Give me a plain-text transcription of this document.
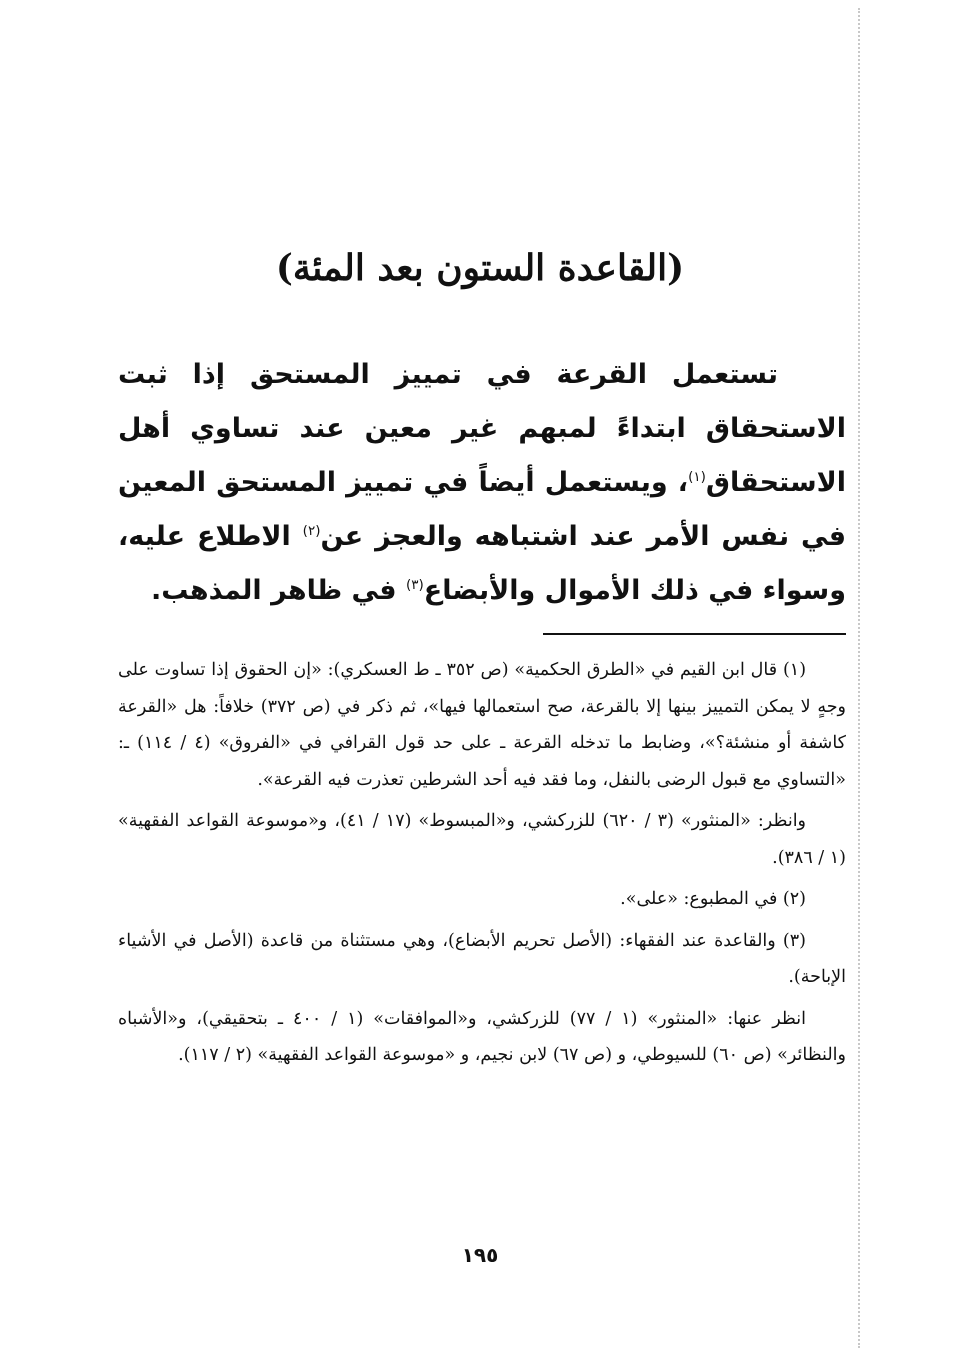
(القاعدة الستون بعد المئة)
تستعمل القرعة في تمييز المستحق إذا ثبت الاستحقاق ابتداءً لمبهم غير معين عند تساوي أهل الاستحقاق$^{(١)}$، ويستعمل أيضاً في تمييز المستحق المعين في نفس الأمر عند اشتباهه والعجز عن$^{(٢)}$ الاطلاع عليه، وسواء في ذلك الأموال والأبضاع$^{(٣)}$ في ظاهر المذهب.

(١) قال ابن القيم في «الطرق الحكمية» (ص ٣٥٢ ـ ط العسكري): «إن الحقوق إذا تساوت على وجهٍ لا يمكن التمييز بينها إلا بالقرعة، صح استعمالها فيها»، ثم ذكر في (ص ٣٧٢) خلافاً: هل «القرعة كاشفة أو منشئة؟»، وضابط ما تدخله القرعة ـ على حد قول القرافي في «الفروق» (٤ / ١١٤) ـ: «التساوي مع قبول الرضى بالنفل، وما فقد فيه أحد الشرطين تعذرت فيه القرعة».

وانظر: «المنثور» (٣ / ٦٢٠) للزركشي، و«المبسوط» (١٧ / ٤١)، و«موسوعة القواعد الفقهية» (١ / ٣٨٦).

(٢) في المطبوع: «على».

(٣) والقاعدة عند الفقهاء: (الأصل تحريم الأبضاع)، وهي مستثناة من قاعدة (الأصل في الأشياء الإباحة).

انظر عنها: «المنثور» (١ / ٧٧) للزركشي، و«الموافقات» (١ / ٤٠٠ ـ بتحقيقي)، و«الأشباه والنظائر» (ص ٦٠) للسيوطي، و (ص ٦٧) لابن نجيم، و «موسوعة القواعد الفقهية» (٢ / ١١٧).

١٩٥
